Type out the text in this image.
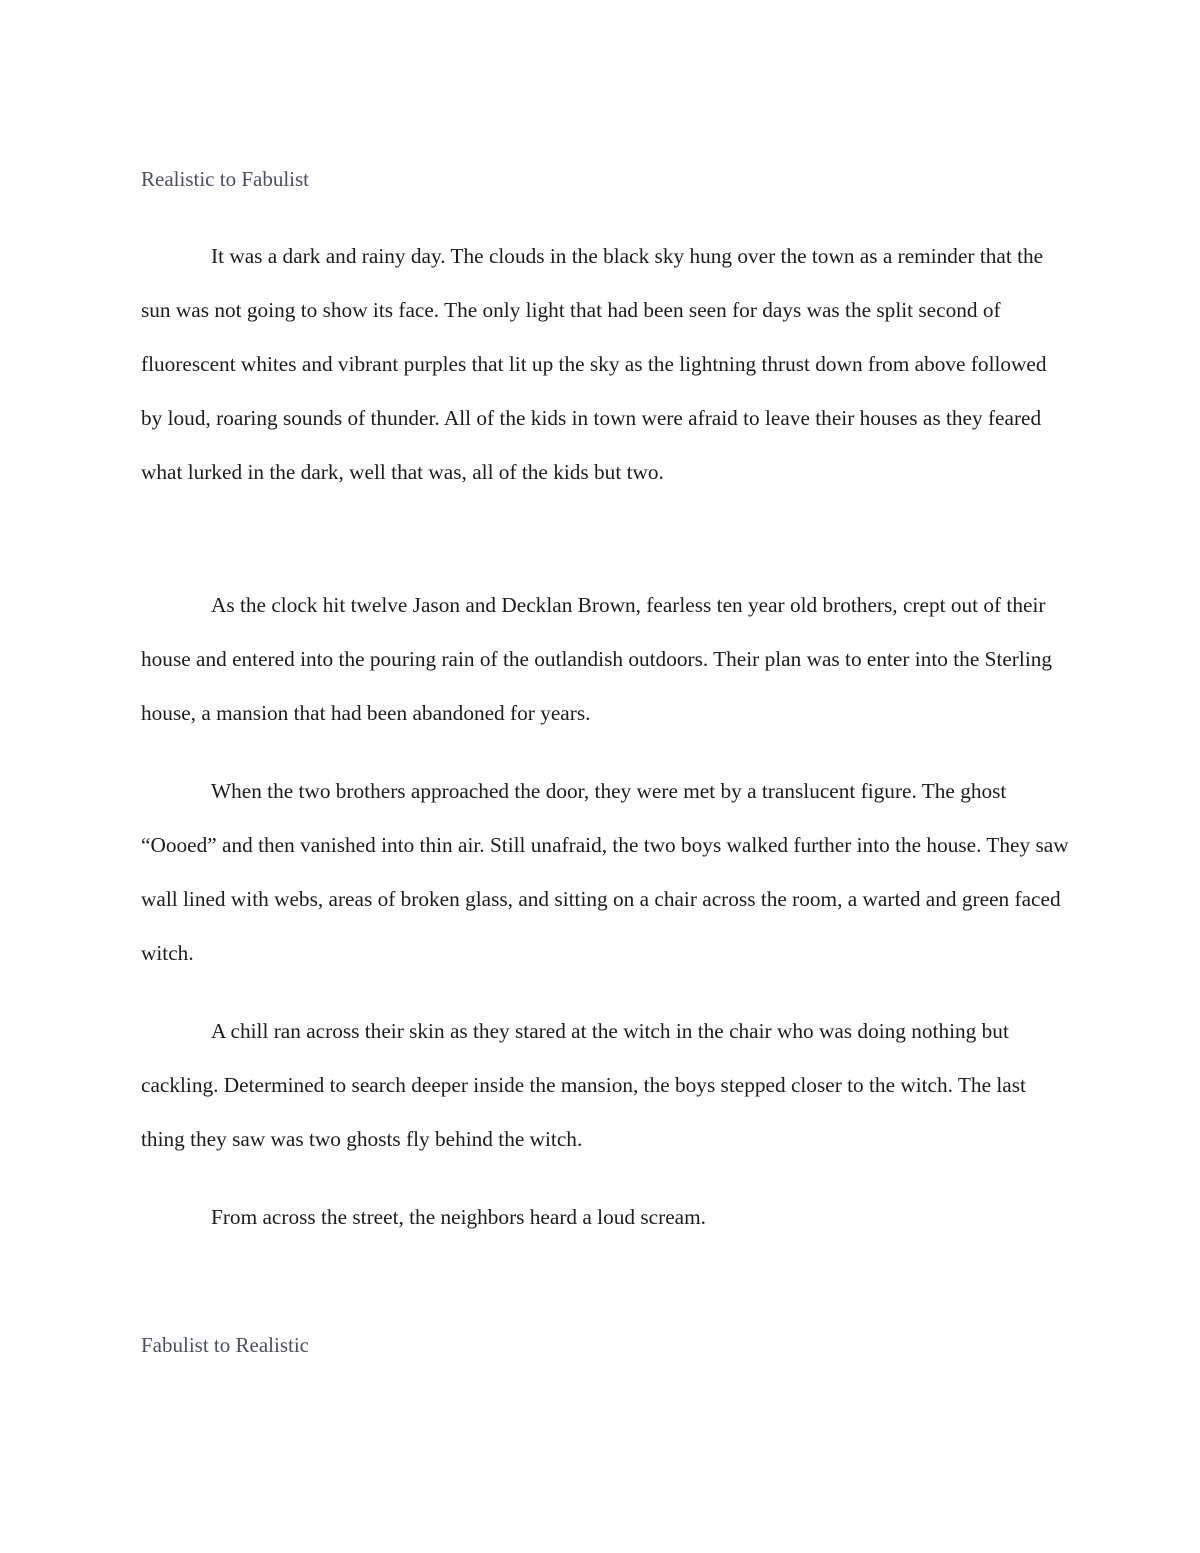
Realistic to Fabulist

It was a dark and rainy day. The clouds in the black sky hung over the town as a reminder that the sun was not going to show its face. The only light that had been seen for days was the split second of fluorescent whites and vibrant purples that lit up the sky as the lightning thrust down from above followed by loud, roaring sounds of thunder. All of the kids in town were afraid to leave their houses as they feared what lurked in the dark, well that was, all of the kids but two.

As the clock hit twelve Jason and Decklan Brown, fearless ten year old brothers, crept out of their house and entered into the pouring rain of the outlandish outdoors. Their plan was to enter into the Sterling house, a mansion that had been abandoned for years.

When the two brothers approached the door, they were met by a translucent figure. The ghost “Oooed” and then vanished into thin air. Still unafraid, the two boys walked further into the house. They saw wall lined with webs, areas of broken glass, and sitting on a chair across the room, a warted and green faced witch.

A chill ran across their skin as they stared at the witch in the chair who was doing nothing but cackling. Determined to search deeper inside the mansion, the boys stepped closer to the witch. The last thing they saw was two ghosts fly behind the witch.

From across the street, the neighbors heard a loud scream.

Fabulist to Realistic
